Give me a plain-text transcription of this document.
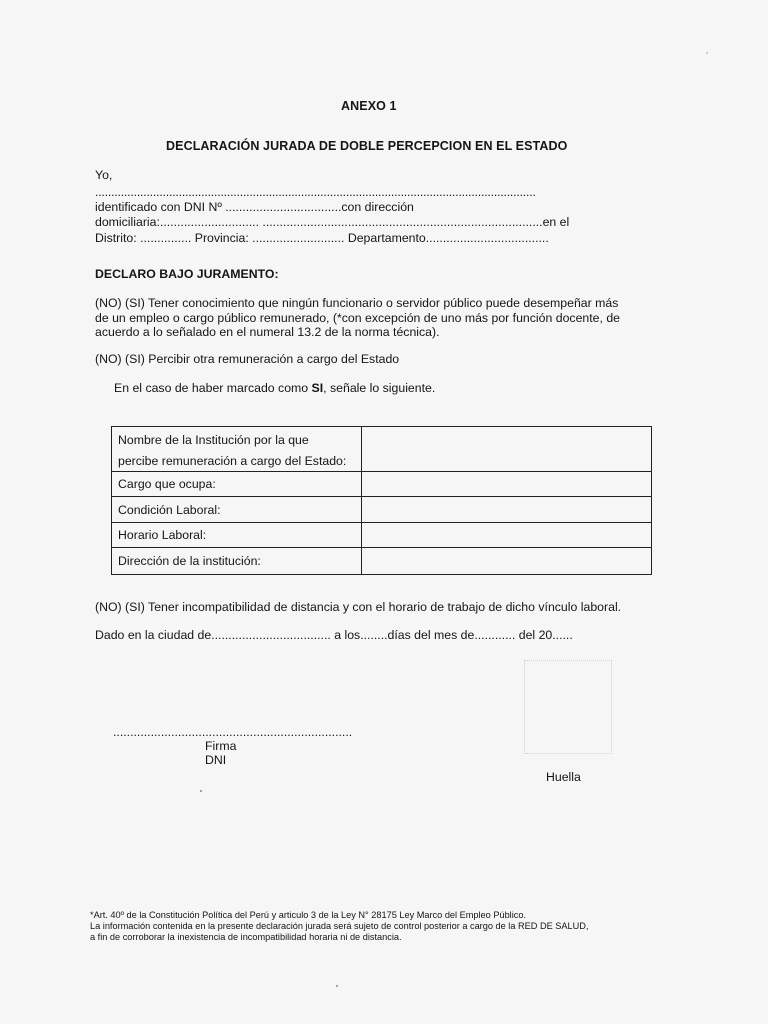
ANEXO 1
DECLARACIÓN JURADA DE DOBLE PERCEPCION EN EL ESTADO
Yo,
.........................................................................................................................................
identificado con DNI Nº ..................................con dirección
domiciliaria:............................. ..................................................................................en el
Distrito: ............... Provincia: ........................... Departamento....................................
DECLARO BAJO JURAMENTO:
(NO) (SI) Tener conocimiento que ningún funcionario o servidor público puede desempeñar más
de un empleo o cargo público remunerado, (*con excepción de uno más por función docente, de
acuerdo a lo señalado en el numeral 13.2 de la norma técnica).
(NO) (SI) Percibir otra remuneración a cargo del Estado
En el caso de haber marcado como SI, señale lo siguiente.
Nombre de la Institución por la que
percibe remuneración a cargo del Estado:	

Cargo que ocupa:	
Condición Laboral:	
Horario Laboral:	
Dirección de la institución:	
(NO) (SI) Tener incompatibilidad de distancia y con el horario de trabajo de dicho vínculo laboral.
Dado en la ciudad de................................... a los........días del mes de............ del 20......
......................................................................
Firma
DNI
Huella
*Art. 40º de la Constitución Política del Perú y articulo 3 de la Ley N° 28175 Ley Marco del Empleo Público.
La información contenida en la presente declaración jurada será sujeto de control posterior a cargo de la RED DE SALUD,
a fin de corroborar la inexistencia de incompatibilidad horaria ni de distancia.
